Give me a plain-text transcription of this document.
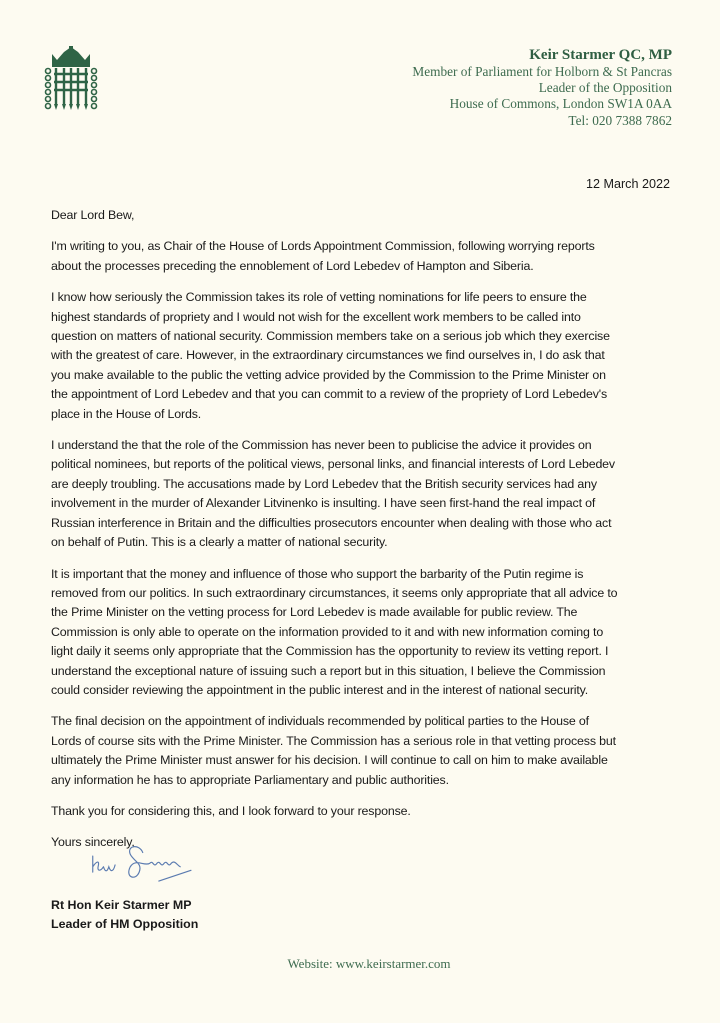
Keir Starmer QC, MP
Member of Parliament for Holborn & St Pancras
Leader of the Opposition
House of Commons, London SW1A 0AA
Tel: 020 7388 7862
12 March 2022

Dear Lord Bew,

I'm writing to you, as Chair of the House of Lords Appointment Commission, following worrying reports
about the processes preceding the ennoblement of Lord Lebedev of Hampton and Siberia.

I know how seriously the Commission takes its role of vetting nominations for life peers to ensure the
highest standards of propriety and I would not wish for the excellent work members to be called into
question on matters of national security. Commission members take on a serious job which they exercise
with the greatest of care. However, in the extraordinary circumstances we find ourselves in, I do ask that
you make available to the public the vetting advice provided by the Commission to the Prime Minister on
the appointment of Lord Lebedev and that you can commit to a review of the propriety of Lord Lebedev's
place in the House of Lords.

I understand the that the role of the Commission has never been to publicise the advice it provides on
political nominees, but reports of the political views, personal links, and financial interests of Lord Lebedev
are deeply troubling. The accusations made by Lord Lebedev that the British security services had any
involvement in the murder of Alexander Litvinenko is insulting. I have seen first-hand the real impact of
Russian interference in Britain and the difficulties prosecutors encounter when dealing with those who act
on behalf of Putin. This is a clearly a matter of national security.

It is important that the money and influence of those who support the barbarity of the Putin regime is
removed from our politics. In such extraordinary circumstances, it seems only appropriate that all advice to
the Prime Minister on the vetting process for Lord Lebedev is made available for public review. The
Commission is only able to operate on the information provided to it and with new information coming to
light daily it seems only appropriate that the Commission has the opportunity to review its vetting report. I
understand the exceptional nature of issuing such a report but in this situation, I believe the Commission
could consider reviewing the appointment in the public interest and in the interest of national security.

The final decision on the appointment of individuals recommended by political parties to the House of
Lords of course sits with the Prime Minister. The Commission has a serious role in that vetting process but
ultimately the Prime Minister must answer for his decision. I will continue to call on him to make available
any information he has to appropriate Parliamentary and public authorities.

Thank you for considering this, and I look forward to your response.

Yours sincerely,

Rt Hon Keir Starmer MP
Leader of HM Opposition
Website: www.keirstarmer.com
